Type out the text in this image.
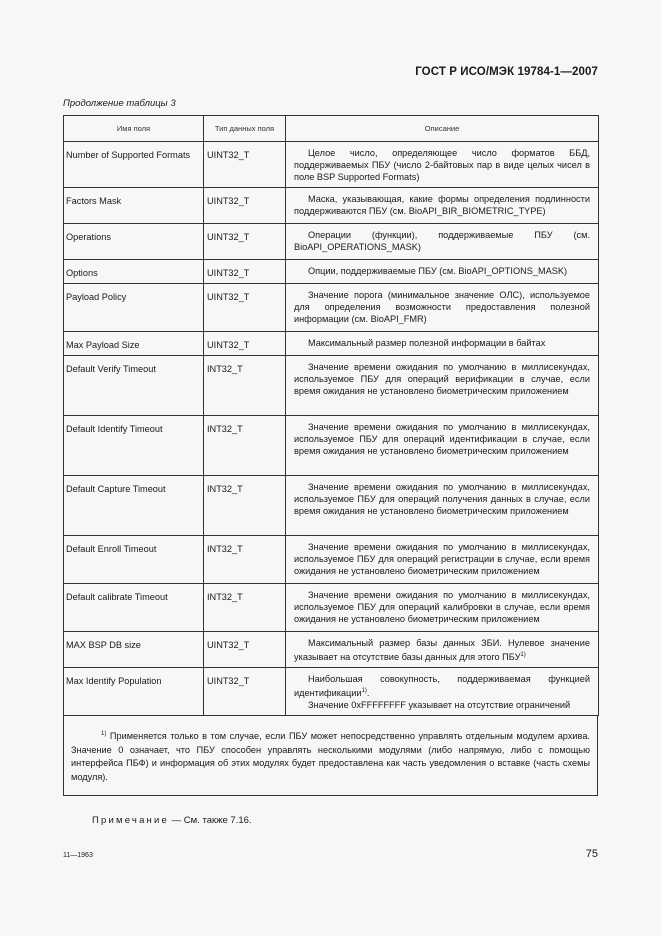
ГОСТ Р ИСО/МЭК 19784-1—2007
Продолжение таблицы 3
Имя поля	Тип данных поля	Описание
Number of Supported Formats	UINT32_T	Целое число, определяющее число форматов ББД, поддерживаемых ПБУ (число 2-байтовых пар в виде целых чисел в поле BSP Supported Formats)

Factors Mask	UINT32_T	Маска, указывающая, какие формы определения подлинности поддерживаются ПБУ (см. BioAPI_BIR_BIOMETRIC_TYPE)

Operations	UINT32_T	Операции (функции), поддерживаемые ПБУ (см. BioAPI_OPERATIONS_MASK)

Options	UINT32_T	Опции, поддерживаемые ПБУ (см. BioAPI_OPTIONS_MASK)

Payload Policy	UINT32_T	Значение порога (минимальное значение ОЛС), используемое для определения возможности предоставления полезной информации (см. BioAPI_FMR)

Max Payload Size	UINT32_T	Максимальный размер полезной информации в байтах

Default Verify Timeout	INT32_T	Значение времени ожидания по умолчанию в миллисекундах, используемое ПБУ для операций верификации в случае, если время ожидания не установлено биометрическим приложением

Default Identify Timeout	INT32_T	Значение времени ожидания по умолчанию в миллисекундах, используемое ПБУ для операций идентификации в случае, если время ожидания не установлено биометрическим приложением

Default Capture Timeout	INT32_T	Значение времени ожидания по умолчанию в миллисекундах, используемое ПБУ для операций получения данных в случае, если время ожидания не установлено биометрическим приложением

Default Enroll Timeout	INT32_T	Значение времени ожидания по умолчанию в миллисекундах, используемое ПБУ для операций регистрации в случае, если время ожидания не установлено биометрическим приложением

Default calibrate Timeout	INT32_T	Значение времени ожидания по умолчанию в миллисекундах, используемое ПБУ для операций калибровки в случае, если время ожидания не установлено биометрическим приложением

MAX BSP DB size	UINT32_T	Максимальный размер базы данных ЗБИ. Нулевое значение указывает на отсутствие базы данных для этого ПБУ$^{1)}$

Max Identify Population	UINT32_T	Наибольшая совокупность, поддерживаемая функцией идентификации$^{1)}$.
Значение 0xFFFFFFFF указывает на отсутствие ограничений
$^{1)}$ Применяется только в том случае, если ПБУ может непосредственно управлять отдельным модулем архива. Значение 0 означает, что ПБУ способен управлять несколькими модулями (либо напрямую, либо с помощью интерфейса ПБФ) и информация об этих модулях будет предоставлена как часть уведомления о вставке (часть схемы модуля).
Примечание — См. также 7.16.
11—1963	75
